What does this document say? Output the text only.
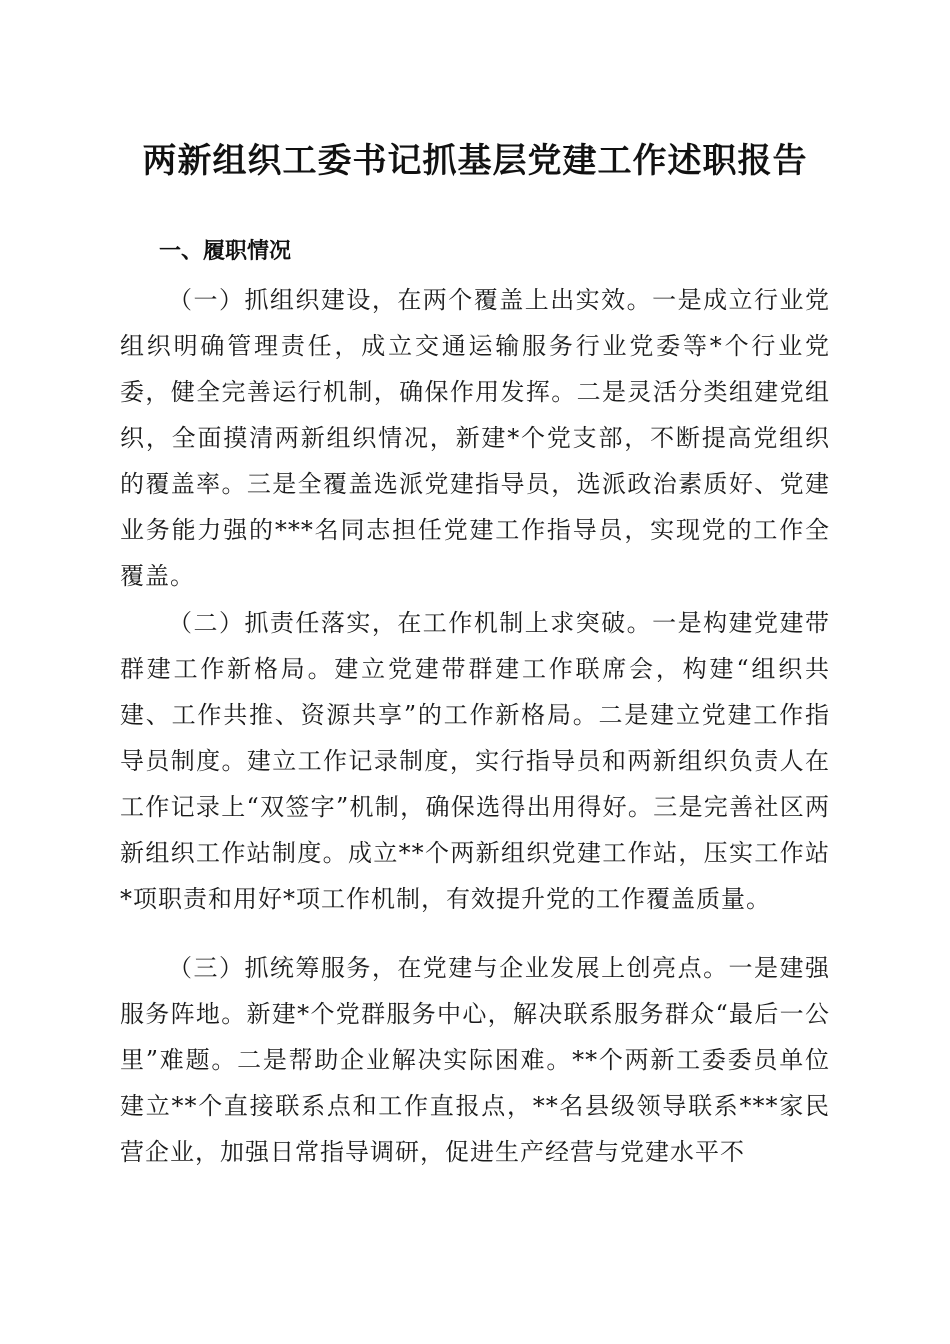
两新组织工委书记抓基层党建工作述职报告
一、履职情况

（一）抓组织建设，在两个覆盖上出实效。一是成立行业党组织明确管理责任，成立交通运输服务行业党委等*个行业党委，健全完善运行机制，确保作用发挥。二是灵活分类组建党组织，全面摸清两新组织情况，新建*个党支部，不断提高党组织的覆盖率。三是全覆盖选派党建指导员，选派政治素质好、党建业务能力强的***名同志担任党建工作指导员，实现党的工作全覆盖。

（二）抓责任落实，在工作机制上求突破。一是构建党建带群建工作新格局。建立党建带群建工作联席会，构建“组织共建、工作共推、资源共享”的工作新格局。二是建立党建工作指导员制度。建立工作记录制度，实行指导员和两新组织负责人在工作记录上“双签字”机制，确保选得出用得好。三是完善社区两新组织工作站制度。成立**个两新组织党建工作站，压实工作站*项职责和用好*项工作机制，有效提升党的工作覆盖质量。

（三）抓统筹服务，在党建与企业发展上创亮点。一是建强服务阵地。新建*个党群服务中心，解决联系服务群众“最后一公里”难题。二是帮助企业解决实际困难。**个两新工委委员单位建立**个直接联系点和工作直报点，**名县级领导联系***家民营企业，加强日常指导调研，促进生产经营与党建水平不
